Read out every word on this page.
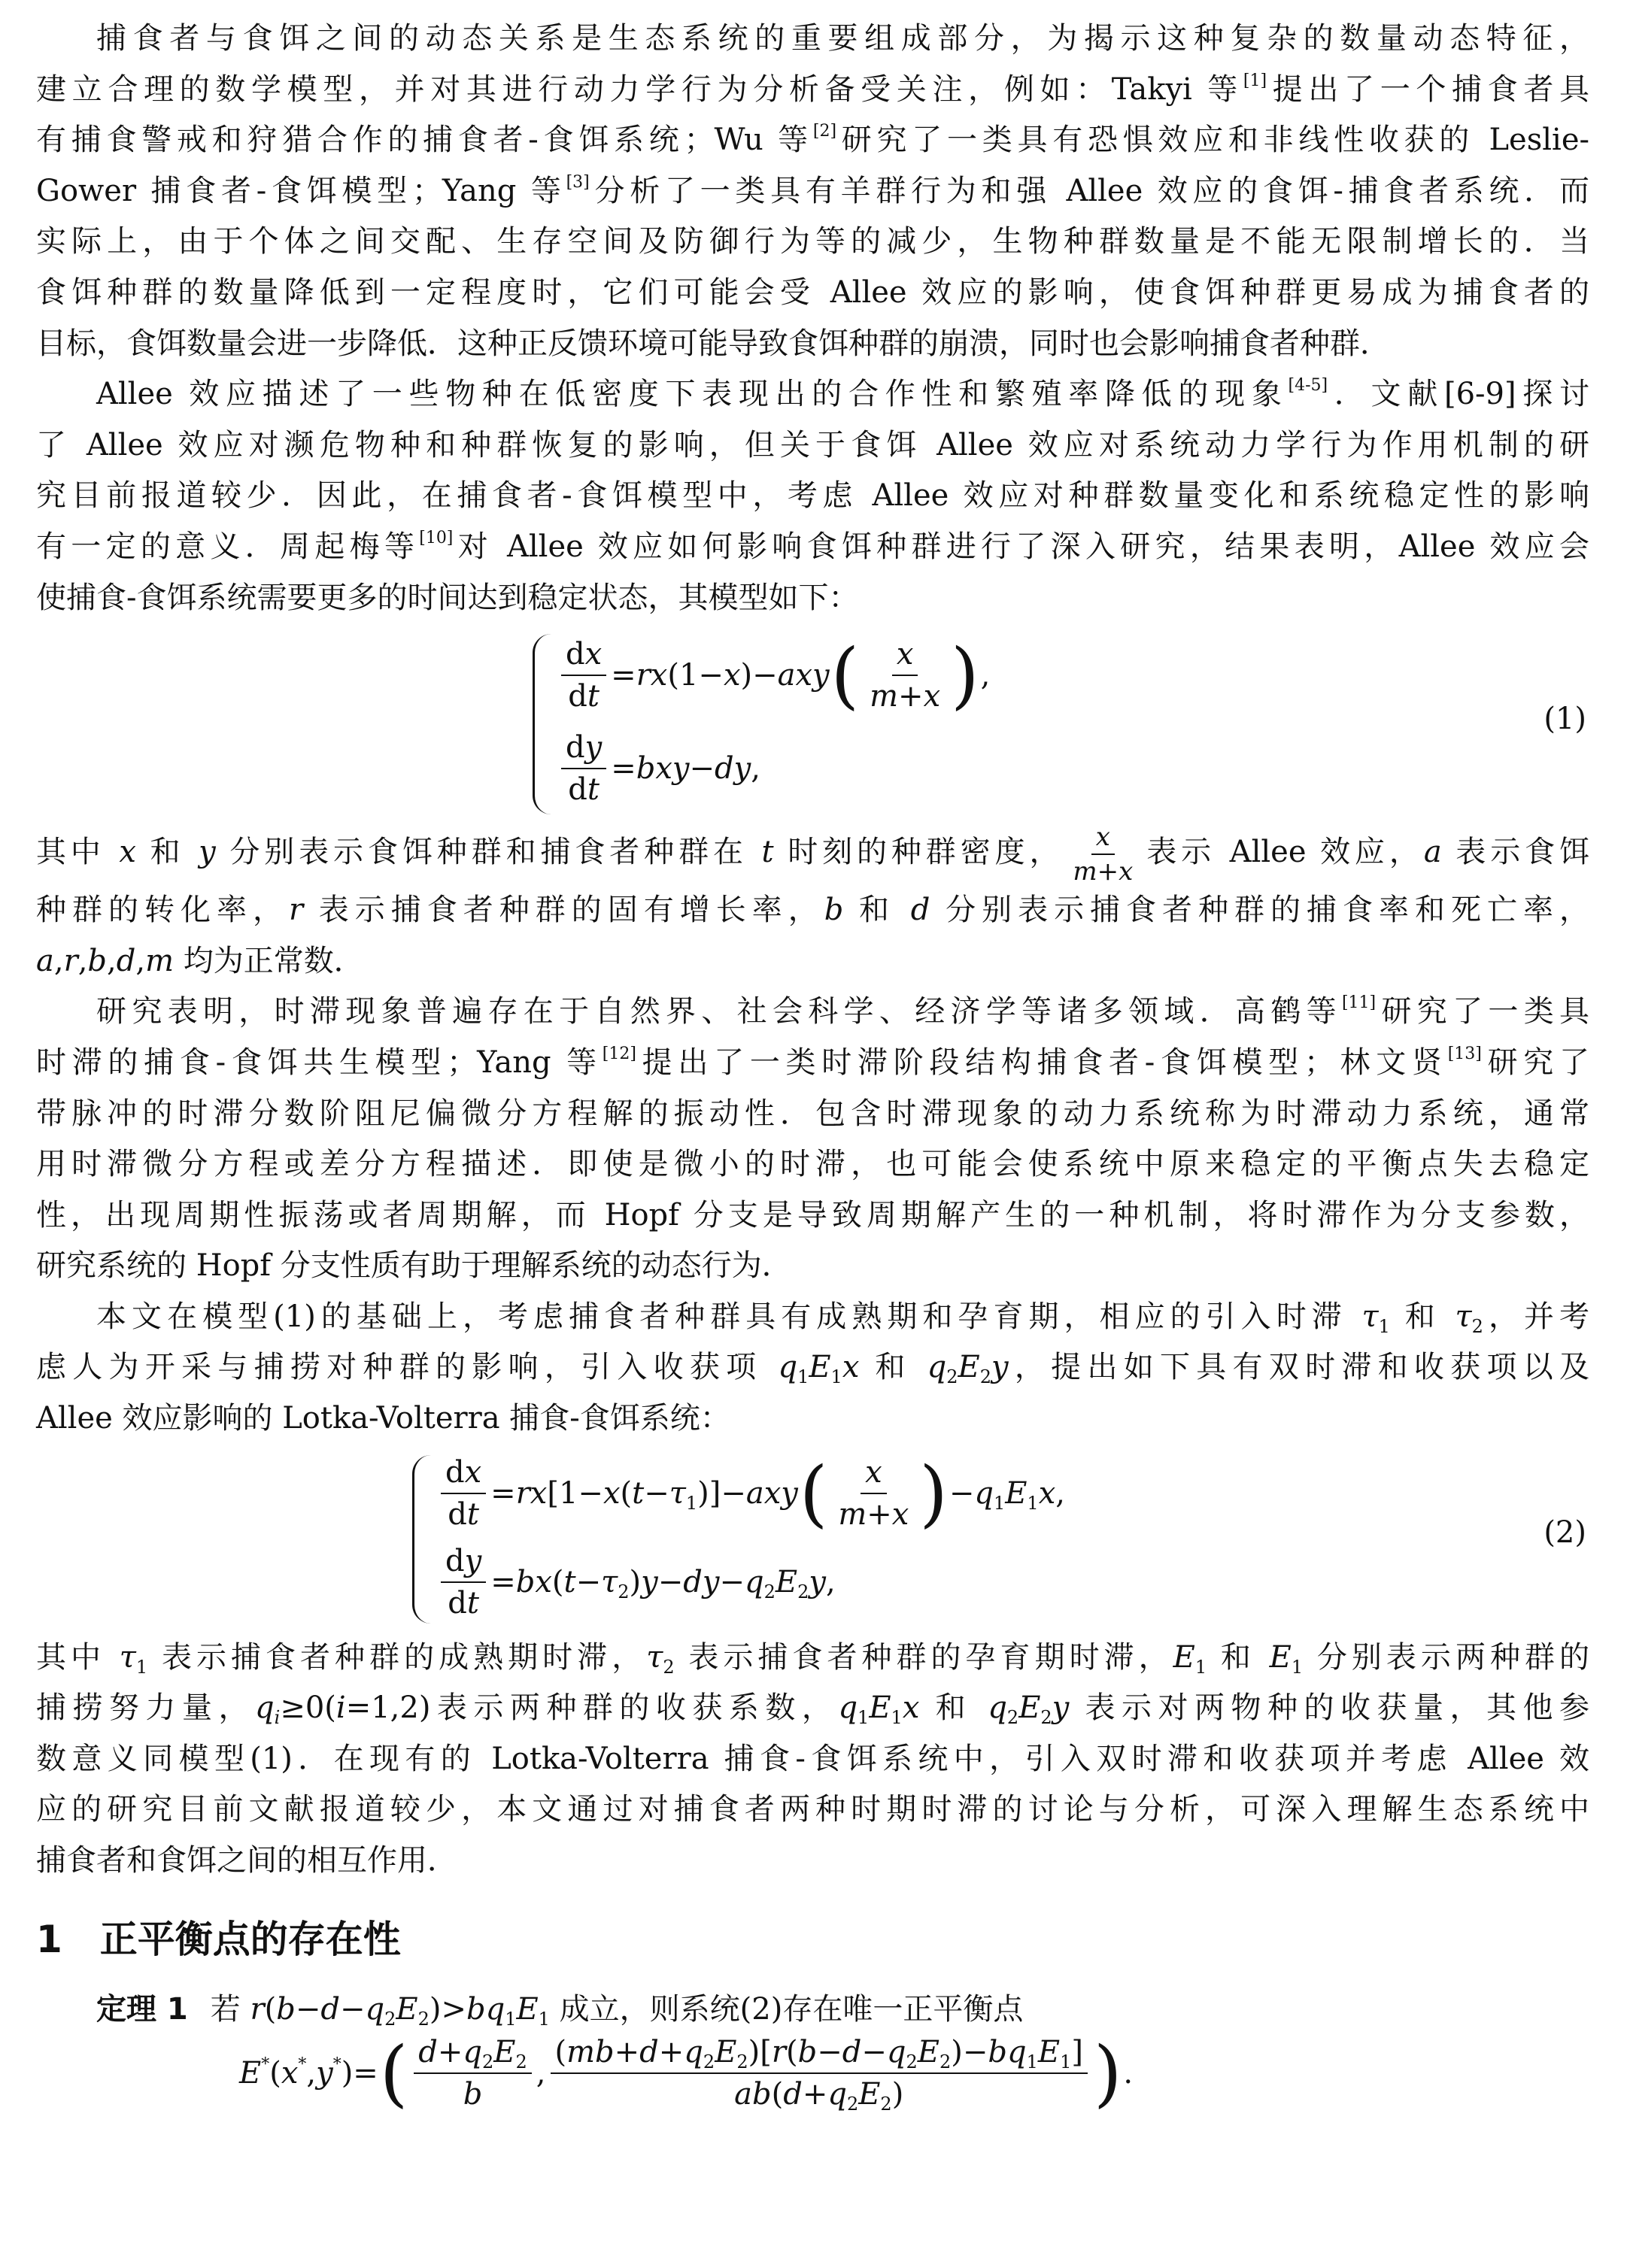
捕食者与食饵之间的动态关系是生态系统的重要组成部分，为揭示这种复杂的数量动态特征，
建立合理的数学模型，并对其进行动力学行为分析备受关注，例如：Takyi 等[1]提出了一个捕食者具
有捕食警戒和狩猎合作的捕食者-食饵系统；Wu 等[2]研究了一类具有恐惧效应和非线性收获的 Leslie-
Gower 捕食者-食饵模型；Yang 等[3]分析了一类具有羊群行为和强 Allee 效应的食饵-捕食者系统．而
实际上，由于个体之间交配、生存空间及防御行为等的减少，生物种群数量是不能无限制增长的．当
食饵种群的数量降低到一定程度时，它们可能会受 Allee 效应的影响，使食饵种群更易成为捕食者的
目标，食饵数量会进一步降低．这种正反馈环境可能导致食饵种群的崩溃，同时也会影响捕食者种群．

Allee 效应描述了一些物种在低密度下表现出的合作性和繁殖率降低的现象[4-5]．文献[6-9]探讨
了 Allee 效应对濒危物种和种群恢复的影响，但关于食饵 Allee 效应对系统动力学行为作用机制的研
究目前报道较少．因此，在捕食者-食饵模型中，考虑 Allee 效应对种群数量变化和系统稳定性的影响
有一定的意义．周起梅等[10]对 Allee 效应如何影响食饵种群进行了深入研究，结果表明，Allee 效应会
使捕食-食饵系统需要更多的时间达到稳定状态，其模型如下：

$\frac{dx}{dt} =rx(1-x)-axy$ ( $\frac{x}{m+x}$ ) ,
$\frac{dy}{dt} =bxy-dy$,
(1)

其中 x 和 y 分别表示食饵种群和捕食者种群在 t 时刻的种群密度， $\frac{x}{m+x}$ 表示 Allee 效应，a 表示食饵
种群的转化率，r 表示捕食者种群的固有增长率，b 和 d 分别表示捕食者种群的捕食率和死亡率，
a,r,b,d,m 均为正常数．

研究表明，时滞现象普遍存在于自然界、社会科学、经济学等诸多领域．高鹤等[11]研究了一类具
时滞的捕食-食饵共生模型；Yang 等[12]提出了一类时滞阶段结构捕食者-食饵模型；林文贤[13]研究了
带脉冲的时滞分数阶阻尼偏微分方程解的振动性．包含时滞现象的动力系统称为时滞动力系统，通常
用时滞微分方程或差分方程描述．即使是微小的时滞，也可能会使系统中原来稳定的平衡点失去稳定
性，出现周期性振荡或者周期解，而 Hopf 分支是导致周期解产生的一种机制，将时滞作为分支参数，
研究系统的 Hopf 分支性质有助于理解系统的动态行为．

本文在模型(1)的基础上，考虑捕食者种群具有成熟期和孕育期，相应的引入时滞 $\tau_1$ 和 $\tau_2$，并考
虑人为开采与捕捞对种群的影响，引入收获项 $q_1E_1x$ 和 $q_2E_2y$，提出如下具有双时滞和收获项以及
Allee 效应影响的 Lotka-Volterra 捕食-食饵系统：

$\frac{dx}{dt} =rx[1-x(t-\tau_1)]-axy$ ( $\frac{x}{m+x}$ ) $-q_1E_1x$,
$\frac{dy}{dt} =bx(t-\tau_2)y-dy-q_2E_2y$,
(2)

其中 $\tau_1$ 表示捕食者种群的成熟期时滞，$\tau_2$ 表示捕食者种群的孕育期时滞，$E_1$ 和 $E_1$ 分别表示两种群的
捕捞努力量，$q_i\ge 0(i=1,2)$表示两种群的收获系数，$q_1E_1x$ 和 $q_2E_2y$ 表示对两物种的收获量，其他参
数意义同模型(1)．在现有的 Lotka-Volterra 捕食-食饵系统中，引入双时滞和收获项并考虑 Allee 效
应的研究目前文献报道较少，本文通过对捕食者两种时期时滞的讨论与分析，可深入理解生态系统中
捕食者和食饵之间的相互作用．

1 正平衡点的存在性
定理 1 若 $r(b-d-q_2E_2)>bq_1E_1$ 成立，则系统(2)存在唯一正平衡点
E*(x*,y*)= ( $\frac{d+q_2E_2}{b}$ , $\frac{(mb+d+q_2E_2)[r(b-d-q_2E_2)-bq_1E_1]}{ab(d+q_2E_2)}$ ) .
